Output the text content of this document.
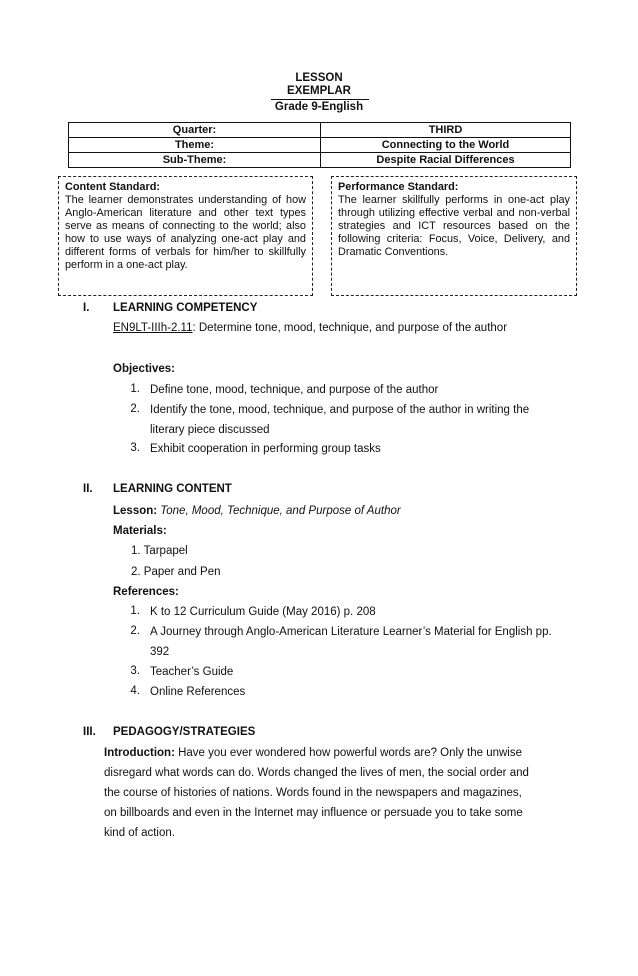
LESSON
EXEMPLAR
Grade 9-English
Quarter:	THIRD
Theme:	Connecting to the World
Sub-Theme:	Despite Racial Differences
Content Standard:
The learner demonstrates understanding of how Anglo-American literature and other text types serve as means of connecting to the world; also how to use ways of analyzing one-act play and different forms of verbals for him/her to skillfully perform in a one-act play.
Performance Standard:
The learner skillfully performs in one-act play through utilizing effective verbal and non-verbal strategies and ICT resources based on the following criteria: Focus, Voice, Delivery, and Dramatic Conventions.
I. LEARNING COMPETENCY
EN9LT-IIIh-2.11: Determine tone, mood, technique, and purpose of the author
Objectives:
1. Define tone, mood, technique, and purpose of the author
2. Identify the tone, mood, technique, and purpose of the author in writing the
literary piece discussed
3. Exhibit cooperation in performing group tasks
II. LEARNING CONTENT
Lesson: Tone, Mood, Technique, and Purpose of Author
Materials:
1. Tarpapel
2. Paper and Pen
References:
1. K to 12 Curriculum Guide (May 2016) p. 208
2. A Journey through Anglo-American Literature Learner’s Material for English pp.
392
3. Teacher’s Guide
4. Online References
III. PEDAGOGY/STRATEGIES
Introduction: Have you ever wondered how powerful words are? Only the unwise
disregard what words can do. Words changed the lives of men, the social order and
the course of histories of nations. Words found in the newspapers and magazines,
on billboards and even in the Internet may influence or persuade you to take some
kind of action.
